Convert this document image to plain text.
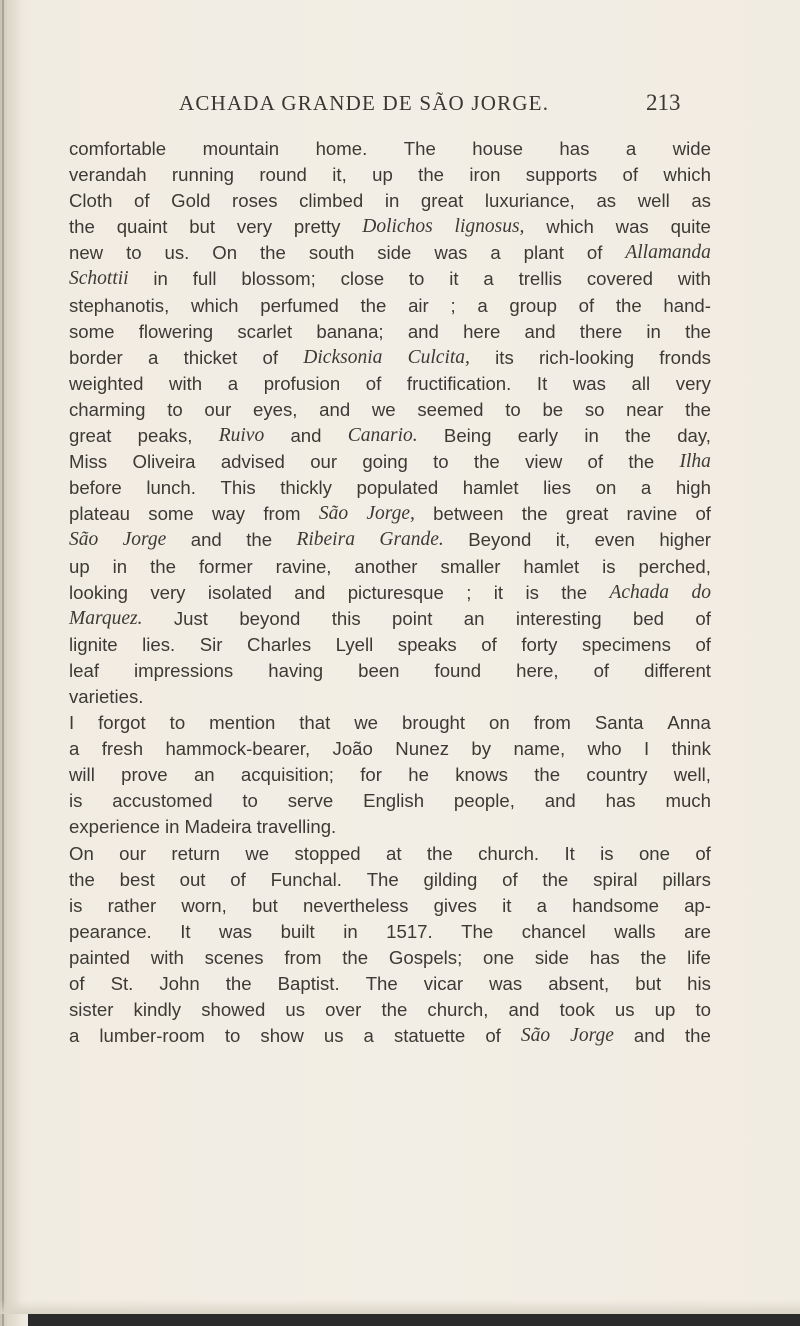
ACHADA GRANDE DE SÃO JORGE.	213
comfortable mountain home. The house has a wide
verandah running round it, up the iron supports of which
Cloth of Gold roses climbed in great luxuriance, as well as
the quaint but very pretty Dolichos lignosus, which was quite
new to us. On the south side was a plant of Allamanda
Schottii in full blossom; close to it a trellis covered with
stephanotis, which perfumed the air ; a group of the hand-
some flowering scarlet banana; and here and there in the
border a thicket of Dicksonia Culcita, its rich-looking fronds
weighted with a profusion of fructification. It was all very
charming to our eyes, and we seemed to be so near the
great peaks, Ruivo and Canario. Being early in the day,
Miss Oliveira advised our going to the view of the Ilha
before lunch. This thickly populated hamlet lies on a high
plateau some way from São Jorge, between the great ravine of
São Jorge and the Ribeira Grande. Beyond it, even higher
up in the former ravine, another smaller hamlet is perched,
looking very isolated and picturesque ; it is the Achada do
Marquez. Just beyond this point an interesting bed of
lignite lies. Sir Charles Lyell speaks of forty specimens of
leaf impressions having been found here, of different
varieties.
I forgot to mention that we brought on from Santa Anna
a fresh hammock-bearer, João Nunez by name, who I think
will prove an acquisition; for he knows the country well,
is accustomed to serve English people, and has much
experience in Madeira travelling.
On our return we stopped at the church. It is one of
the best out of Funchal. The gilding of the spiral pillars
is rather worn, but nevertheless gives it a handsome ap-
pearance. It was built in 1517. The chancel walls are
painted with scenes from the Gospels; one side has the life
of St. John the Baptist. The vicar was absent, but his
sister kindly showed us over the church, and took us up to
a lumber-room to show us a statuette of São Jorge and the
